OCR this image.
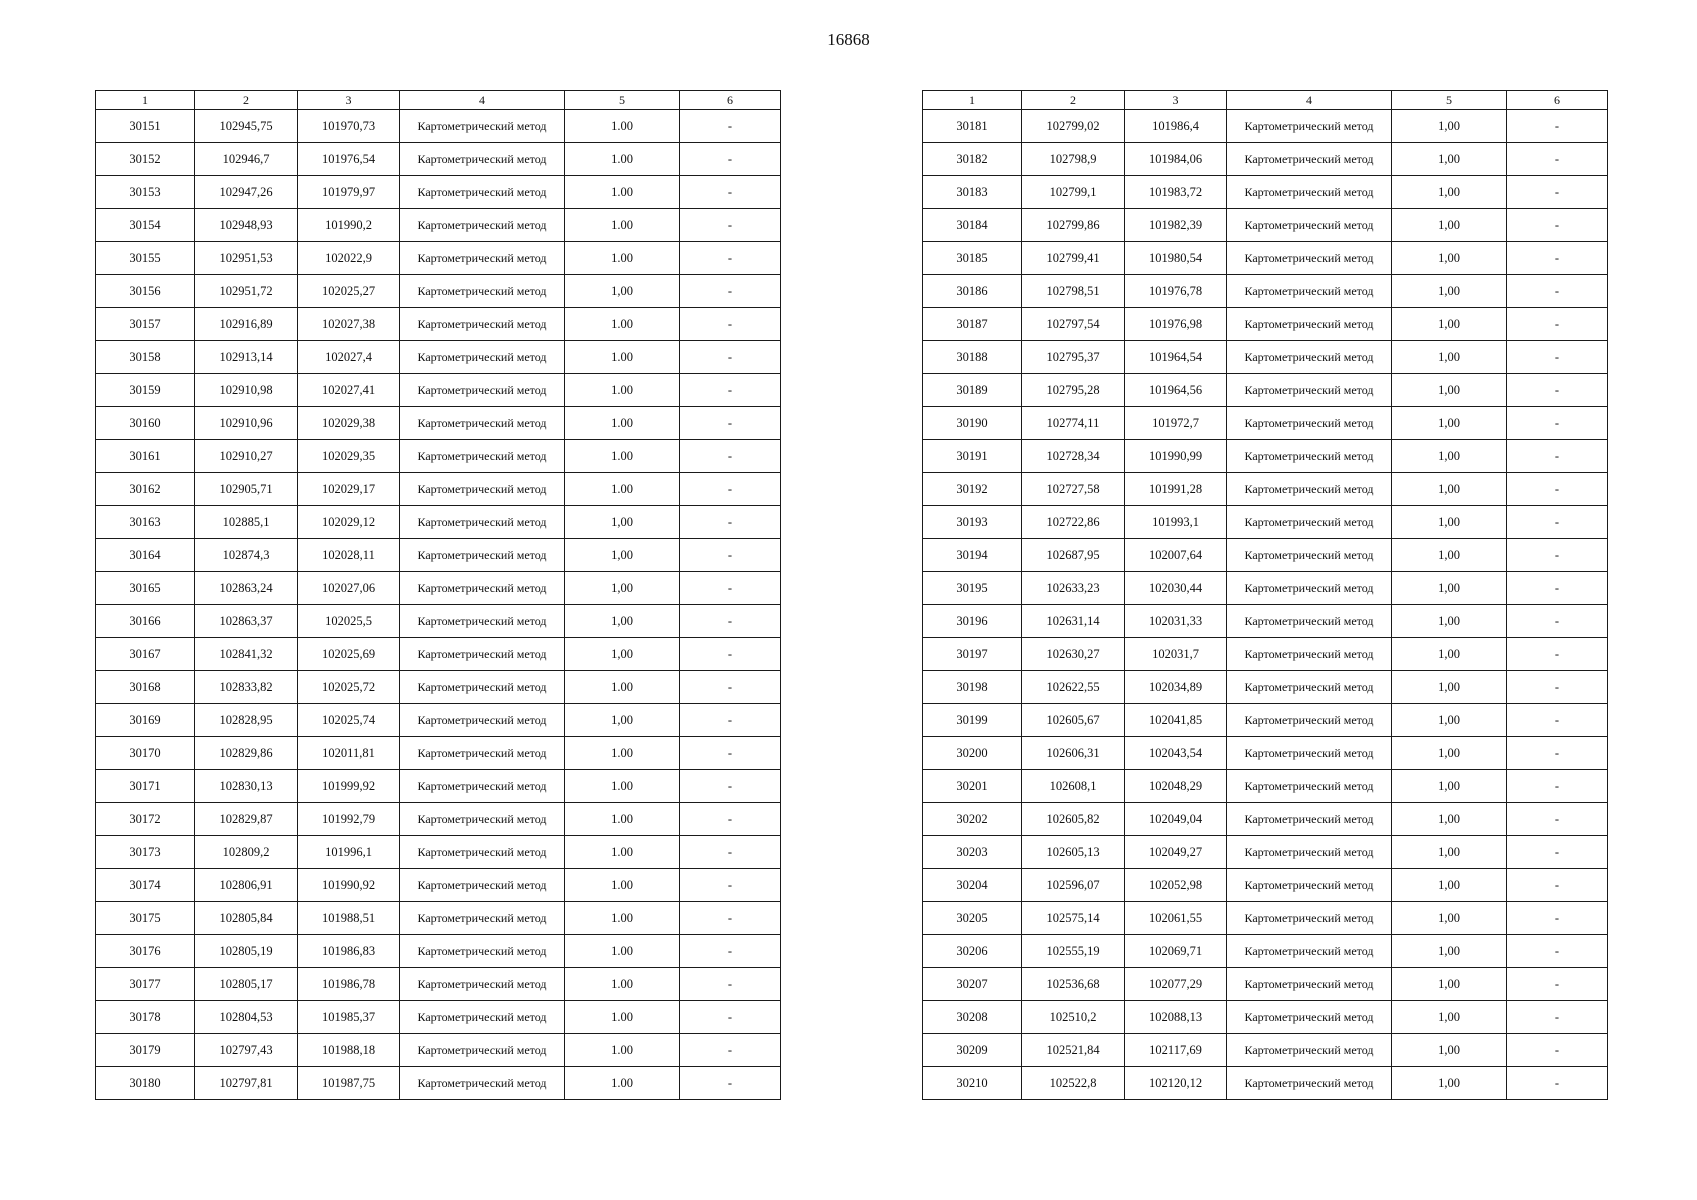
16868
1	2	3	4	5	6
30151	102945,75	101970,73	Картометрический метод	1.00	-
30152	102946,7	101976,54	Картометрический метод	1.00	-
30153	102947,26	101979,97	Картометрический метод	1.00	-
30154	102948,93	101990,2	Картометрический метод	1.00	-
30155	102951,53	102022,9	Картометрический метод	1.00	-
30156	102951,72	102025,27	Картометрический метод	1,00	-
30157	102916,89	102027,38	Картометрический метод	1.00	-
30158	102913,14	102027,4	Картометрический метод	1.00	-
30159	102910,98	102027,41	Картометрический метод	1.00	-
30160	102910,96	102029,38	Картометрический метод	1.00	-
30161	102910,27	102029,35	Картометрический метод	1.00	-
30162	102905,71	102029,17	Картометрический метод	1.00	-
30163	102885,1	102029,12	Картометрический метод	1,00	-
30164	102874,3	102028,11	Картометрический метод	1,00	-
30165	102863,24	102027,06	Картометрический метод	1,00	-
30166	102863,37	102025,5	Картометрический метод	1,00	-
30167	102841,32	102025,69	Картометрический метод	1,00	-
30168	102833,82	102025,72	Картометрический метод	1.00	-
30169	102828,95	102025,74	Картометрический метод	1,00	-
30170	102829,86	102011,81	Картометрический метод	1.00	-
30171	102830,13	101999,92	Картометрический метод	1.00	-
30172	102829,87	101992,79	Картометрический метод	1.00	-
30173	102809,2	101996,1	Картометрический метод	1.00	-
30174	102806,91	101990,92	Картометрический метод	1.00	-
30175	102805,84	101988,51	Картометрический метод	1.00	-
30176	102805,19	101986,83	Картометрический метод	1.00	-
30177	102805,17	101986,78	Картометрический метод	1.00	-
30178	102804,53	101985,37	Картометрический метод	1.00	-
30179	102797,43	101988,18	Картометрический метод	1.00	-
30180	102797,81	101987,75	Картометрический метод	1.00	-
1	2	3	4	5	6
30181	102799,02	101986,4	Картометрический метод	1,00	-
30182	102798,9	101984,06	Картометрический метод	1,00	-
30183	102799,1	101983,72	Картометрический метод	1,00	-
30184	102799,86	101982,39	Картометрический метод	1,00	-
30185	102799,41	101980,54	Картометрический метод	1,00	-
30186	102798,51	101976,78	Картометрический метод	1,00	-
30187	102797,54	101976,98	Картометрический метод	1,00	-
30188	102795,37	101964,54	Картометрический метод	1,00	-
30189	102795,28	101964,56	Картометрический метод	1,00	-
30190	102774,11	101972,7	Картометрический метод	1,00	-
30191	102728,34	101990,99	Картометрический метод	1,00	-
30192	102727,58	101991,28	Картометрический метод	1,00	-
30193	102722,86	101993,1	Картометрический метод	1,00	-
30194	102687,95	102007,64	Картометрический метод	1,00	-
30195	102633,23	102030,44	Картометрический метод	1,00	-
30196	102631,14	102031,33	Картометрический метод	1,00	-
30197	102630,27	102031,7	Картометрический метод	1,00	-
30198	102622,55	102034,89	Картометрический метод	1,00	-
30199	102605,67	102041,85	Картометрический метод	1,00	-
30200	102606,31	102043,54	Картометрический метод	1,00	-
30201	102608,1	102048,29	Картометрический метод	1,00	-
30202	102605,82	102049,04	Картометрический метод	1,00	-
30203	102605,13	102049,27	Картометрический метод	1,00	-
30204	102596,07	102052,98	Картометрический метод	1,00	-
30205	102575,14	102061,55	Картометрический метод	1,00	-
30206	102555,19	102069,71	Картометрический метод	1,00	-
30207	102536,68	102077,29	Картометрический метод	1,00	-
30208	102510,2	102088,13	Картометрический метод	1,00	-
30209	102521,84	102117,69	Картометрический метод	1,00	-
30210	102522,8	102120,12	Картометрический метод	1,00	-
